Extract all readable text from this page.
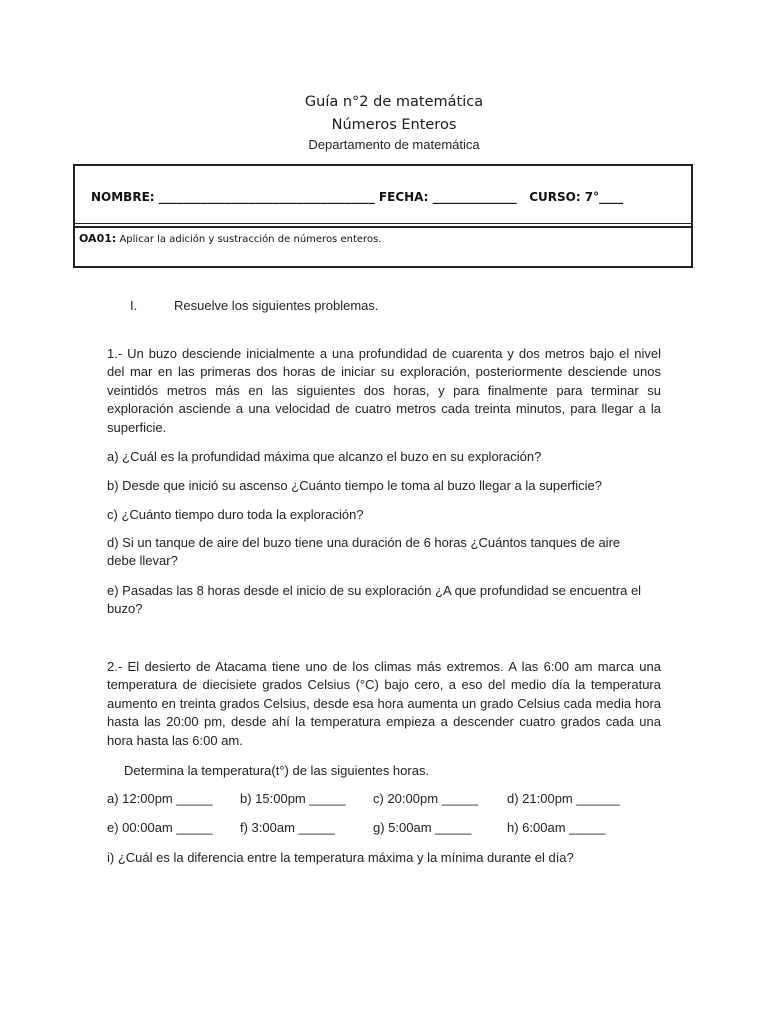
Guía n°2 de matemática
Números Enteros
Departamento de matemática
NOMBRE: ____________________________________ FECHA: ______________   CURSO: 7°____
OA01: Aplicar la adición y sustracción de números enteros.
I.	Resuelve los siguientes problemas.

1.- Un buzo desciende inicialmente a una profundidad de cuarenta y dos metros bajo el nivel del mar en las primeras dos horas de iniciar su exploración, posteriormente desciende unos veintidós metros más en las siguientes dos horas, y para finalmente para terminar su exploración asciende a una velocidad de cuatro metros cada treinta minutos, para llegar a la superficie.

a) ¿Cuál es la profundidad máxima que alcanzo el buzo en su exploración?

b) Desde que inició su ascenso ¿Cuánto tiempo le toma al buzo llegar a la superficie?

c) ¿Cuánto tiempo duro toda la exploración?

d) Si un tanque de aire del buzo tiene una duración de 6 horas ¿Cuántos tanques de aire debe llevar?

e) Pasadas las 8 horas desde el inicio de su exploración ¿A que profundidad se encuentra el buzo?

2.- El desierto de Atacama tiene uno de los climas más extremos. A las 6:00 am marca una temperatura de diecisiete grados Celsius (°C) bajo cero, a eso del medio día la temperatura aumento en treinta grados Celsius, desde esa hora aumenta un grado Celsius cada media hora hasta las 20:00 pm, desde ahí la temperatura empieza a descender cuatro grados cada una hora hasta las 6:00 am.

Determina la temperatura(t°) de las siguientes horas.

a) 12:00pm _____ b) 15:00pm _____ c) 20:00pm _____ d) 21:00pm ______
e) 00:00am _____ f) 3:00am _____	g) 5:00am _____	h) 6:00am _____

i) ¿Cuál es la diferencia entre la temperatura máxima y la mínima durante el día?
